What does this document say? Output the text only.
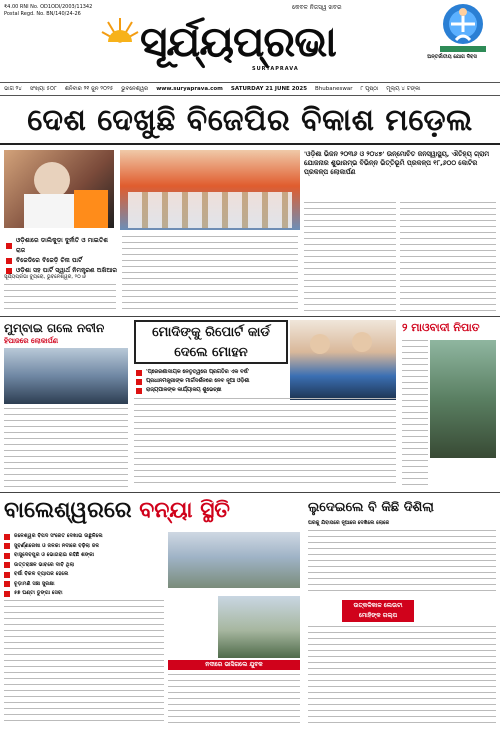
₹4.00 RNI No. OD1ODI/2003/11342
Postal Regd. No. BN/140/24-26
କେବଳ ନିଜସ୍ୱ ଖବର
ସୂର୍ଯ୍ୟପ୍ରଭା
SURYAPRAVA
ଅନ୍ତର୍ଜାତୀୟ ଯୋଗ ଦିବସ
ଭାଗ ୨୪ ସଂଖ୍ୟା ୫୦୮ ଶନିବାର ୨୧ ଜୁନ ୨୦୨୫ ଭୁବନେଶ୍ୱର www.suryaprava.com SATURDAY 21 JUNE 2025 Bhubaneswar ୮ ପୃଷ୍ଠା ମୂଲ୍ୟ ୪ ଟଙ୍କା
ଦେଶ ଦେଖୁଛି ବିଜେପିର ବିକାଶ ମଡ଼େଲ
'ଓଡ଼ିଶା ଭିଜନ ୨୦୩୬ ଓ ୨୦୪୭' ଉନ୍ମୋଚିତ ଜନସ୍ୱାସ୍ଥ୍ୟ, ଐତିହ୍ୟ ଗ୍ରାମ ଯୋଜନାର ଶୁଭାରମ୍ଭ ବିଭିନ୍ନ ଭିତ୍ତିଭୂମି ପ୍ରକଳ୍ପ ୧୮,୬୦୦ କୋଟିର ପ୍ରକଳ୍ପ ଲୋକାର୍ପଣ
ଓଡ଼ିଶାରେ ଡାଲିକୁଡ଼ା ଦୁର୍ନୀତି ଓ ମାଇତିଶ ରାଜ
ବିଜେଡିରେ ବିଜେଡ଼ି ଚିନା ପାର୍ଟି
ଓଡ଼ିଶା ସହ ପାର୍ଟି ସ୍ୱାର୍ଥ ନିମନ୍ତ୍ରଣ ଅଖିଆର
ସୂର୍ଯ୍ୟପ୍ରଭା ବ୍ୟୁରୋ, ଭୁବନେଶ୍ୱର, ୨୦।୬
ମୁମ୍ବାଇ ଗଲେ ନବୀନ
ହିପାଜରେ ଲୋକାର୍ପଣ
ମୋଦିଙ୍କୁ ରିପୋର୍ଟ କାର୍ଡ ଦେଲେ ମୋହନ
'ପ୍ରେରଣାଦାୟକ ନେତୃତ୍ୱରେ ପ୍ରଗତିର ଏକ ବର୍ଷ'
ପ୍ରଧାନମନ୍ତ୍ରୀଙ୍କ ମାର୍ଗଦର୍ଶନରେ ନେବ ନୂଆ ଓଡ଼ିଶା
ରାଜ୍ୟପାଳଙ୍କ କାର୍ଯ୍ୟାଳୟ ଶୁଭେଚ୍ଛା
୨ ମାଓବାଦୀ ନିପାତ
ବାଲେଶ୍ୱରରେ ବନ୍ୟା ସ୍ଥିତି
ଜଳେଶ୍ୱର ବିପଦ ସଂକେତ ଦେଖାଇ ଉଛୁଳିଲେ
ସୁବର୍ଣ୍ଣରେଖା ଓ ଜଳକା ନଦୀରେ ବଢ଼ିଲା ଜଳ
ବାସୁଦେବପୁର ଓ ଭୋଗରାଇ ରହିଛି ଶଙ୍କା
ଉତ୍ତରାଞ୍ଚଳ ଭାବରେ ଦାବି ଥିଲା
ବର୍ଷା ବିକଳ ବ୍ୟାପକ ହେଲେ
ଚୂଡ଼ାମଣି ସଞ୍ଚା ସୁରକ୍ଷା
୫୭ ଘଣ୍ଟା ଡୁଙ୍ଗା ସେବା
ନଦୀରେ ଭାସିଗଲେ ଯୁବକ
ଲୁଦେଇଲେ ବି କିଛି ଦିଶିଲା
ଘରକୁ ଯିବାପରେ ନୂଆରେ ଦେଖିଲେ ଲୋକେ
ଉତ୍କଳିକାଳ ଲେଉଟା ମୋହିଙ୍କ ଗଲ୍ପ
